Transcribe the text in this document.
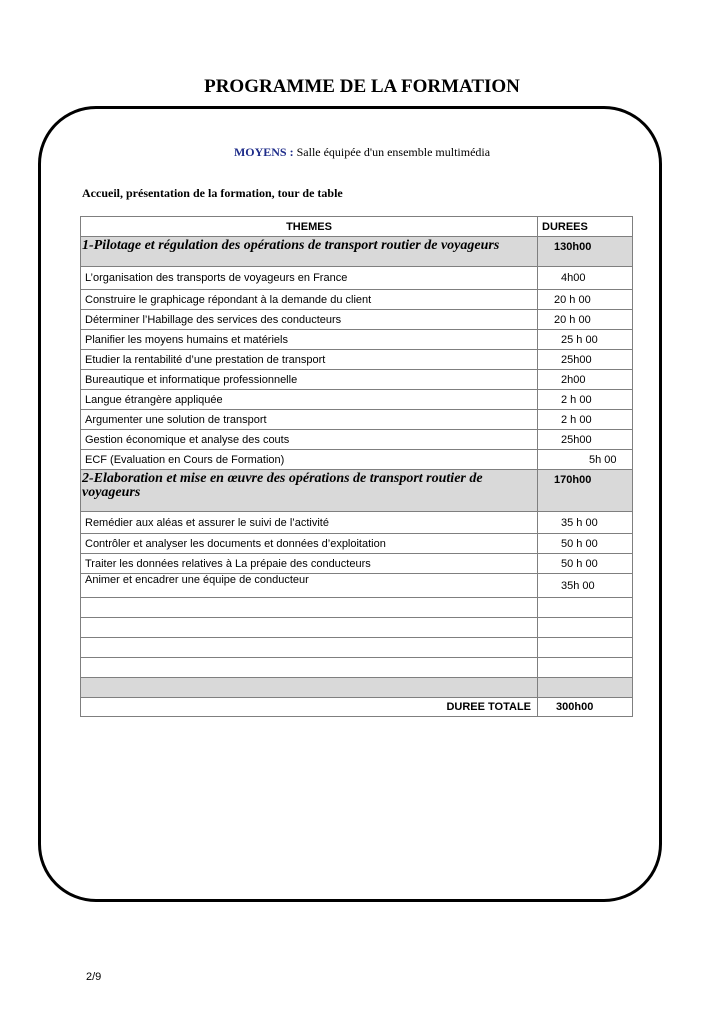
PROGRAMME DE LA FORMATION
MOYENS : Salle équipée d'un ensemble multimédia
Accueil, présentation de la formation, tour de table
THEMES	DUREES
1-Pilotage et régulation des opérations de transport routier de voyageurs	130h00
L’organisation des transports de voyageurs en France	4h00
Construire le graphicage répondant à la demande du client	20 h 00
Déterminer l’Habillage des services des conducteurs	20 h 00
Planifier les moyens humains et matériels	25 h 00
Etudier la rentabilité d’une prestation de transport	25h00
Bureautique et informatique professionnelle	2h00
Langue étrangère appliquée	2 h 00
Argumenter une solution de transport	2 h 00
Gestion économique et analyse des couts	25h00
ECF (Evaluation en Cours de Formation)	5h 00
2-Elaboration et mise en œuvre des opérations de transport routier de voyageurs	170h00
Remédier aux aléas et assurer le suivi de l’activité	35 h 00
Contrôler et analyser les documents et données d’exploitation	50 h 00
Traiter les données relatives à La prépaie des conducteurs	50 h 00
Animer et encadrer une équipe de conducteur	35h 00

DUREE TOTALE	300h00
2/9
